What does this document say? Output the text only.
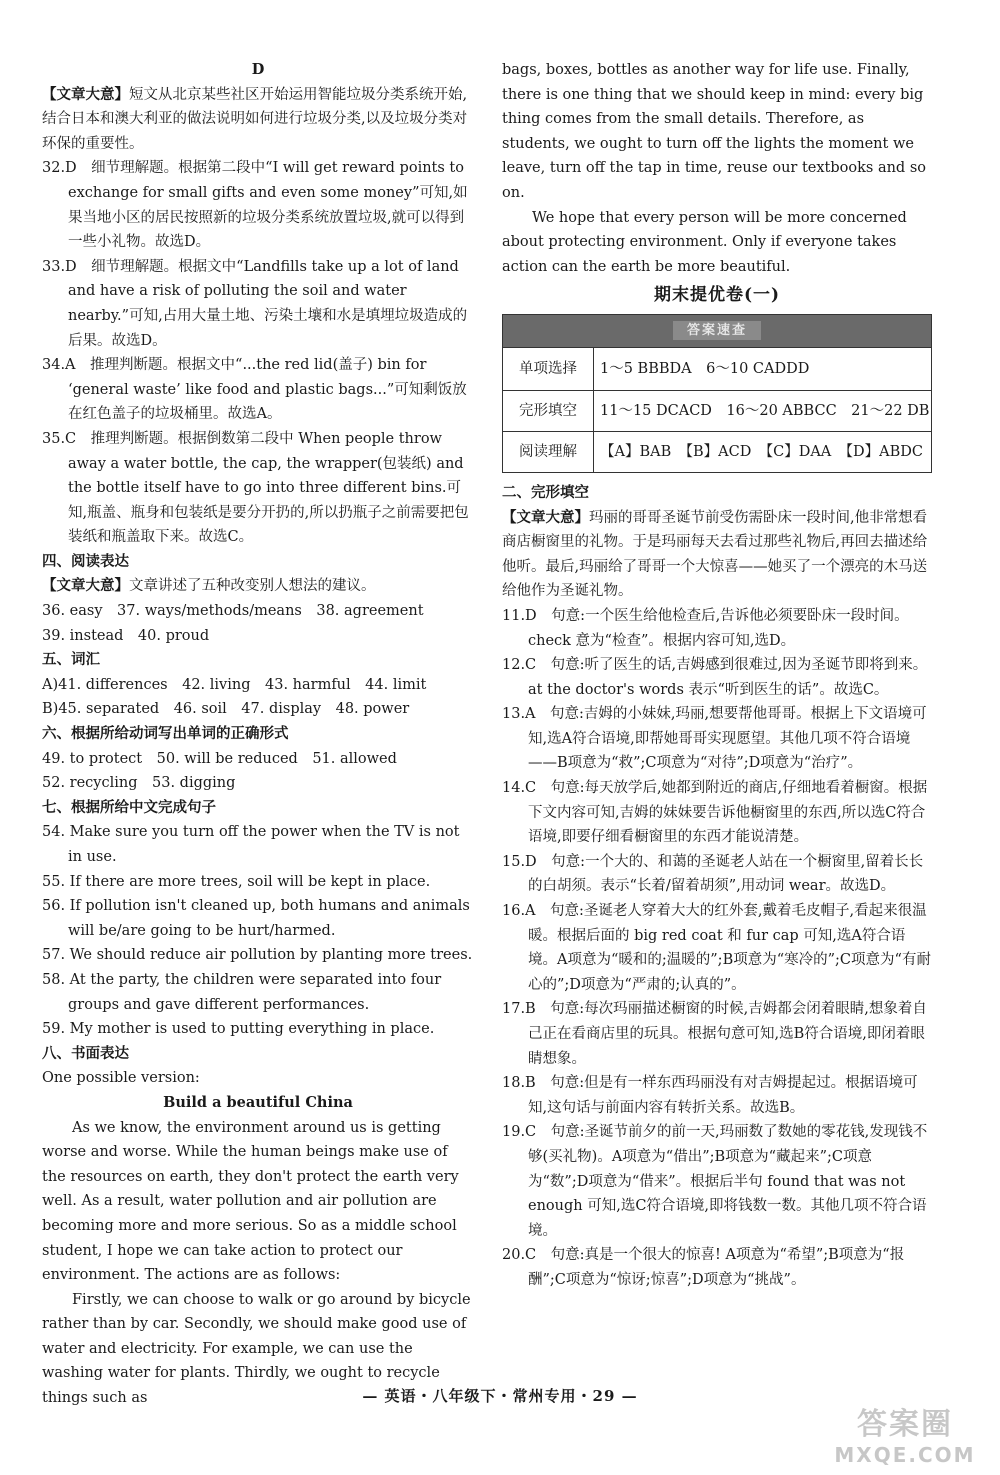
D

【文章大意】短文从北京某些社区开始运用智能垃圾分类系统开始,结合日本和澳大利亚的做法说明如何进行垃圾分类,以及垃圾分类对环保的重要性。

32.D　细节理解题。根据第二段中“I will get reward points to exchange for small gifts and even some money”可知,如果当地小区的居民按照新的垃圾分类系统放置垃圾,就可以得到一些小礼物。故选D。

33.D　细节理解题。根据文中“Landfills take up a lot of land and have a risk of polluting the soil and water nearby.”可知,占用大量土地、污染土壤和水是填埋垃圾造成的后果。故选D。

34.A　推理判断题。根据文中“...the red lid(盖子) bin for ‘general waste’ like food and plastic bags...”可知剩饭放在红色盖子的垃圾桶里。故选A。

35.C　推理判断题。根据倒数第二段中 When people throw away a water bottle, the cap, the wrapper(包装纸) and the bottle itself have to go into three different bins.可知,瓶盖、瓶身和包装纸是要分开扔的,所以扔瓶子之前需要把包装纸和瓶盖取下来。故选C。

四、阅读表达

【文章大意】文章讲述了五种改变别人想法的建议。

36. easy　37. ways/methods/means　38. agreement

39. instead　40. proud

五、词汇

A)41. differences　42. living　43. harmful　44. limit

B)45. separated　46. soil　47. display　48. power

六、根据所给动词写出单词的正确形式

49. to protect　50. will be reduced　51. allowed

52. recycling　53. digging

七、根据所给中文完成句子

54. Make sure you turn off the power when the TV is not in use.

55. If there are more trees, soil will be kept in place.

56. If pollution isn't cleaned up, both humans and animals will be/are going to be hurt/harmed.

57. We should reduce air pollution by planting more trees.

58. At the party, the children were separated into four groups and gave different performances.

59. My mother is used to putting everything in place.

八、书面表达

One possible version:

Build a beautiful China

As we know, the environment around us is getting worse and worse. While the human beings make use of the resources on earth, they don't protect the earth very well. As a result, water pollution and air pollution are becoming more and more serious. So as a middle school student, I hope we can take action to protect our environment. The actions are as follows:

Firstly, we can choose to walk or go around by bicycle rather than by car. Secondly, we should make good use of water and electricity. For example, we can use the washing water for plants. Thirdly, we ought to recycle things such as

bags, boxes, bottles as another way for life use. Finally, there is one thing that we should keep in mind: every big thing comes from the small details. Therefore, as students, we ought to turn off the lights the moment we leave, turn off the tap in time, reuse our textbooks and so on.

We hope that every person will be more concerned about protecting environment. Only if everyone takes action can the earth be more beautiful.

期末提优卷(一)

答案速查
单项选择	1～5 BBBDA　6～10 CADDD
完形填空	11～15 DCACD　16～20 ABBCC　21～22 DB
阅读理解	【A】BAB　【B】ACD　【C】DAA　【D】ABDC

二、完形填空

【文章大意】玛丽的哥哥圣诞节前受伤需卧床一段时间,他非常想看商店橱窗里的礼物。于是玛丽每天去看过那些礼物后,再回去描述给他听。最后,玛丽给了哥哥一个大惊喜——她买了一个漂亮的木马送给他作为圣诞礼物。

11.D　句意:一个医生给他检查后,告诉他必须要卧床一段时间。check 意为“检查”。根据内容可知,选D。

12.C　句意:听了医生的话,吉姆感到很难过,因为圣诞节即将到来。at the doctor's words 表示“听到医生的话”。故选C。

13.A　句意:吉姆的小妹妹,玛丽,想要帮他哥哥。根据上下文语境可知,选A符合语境,即帮她哥哥实现愿望。其他几项不符合语境——B项意为“救”;C项意为“对待”;D项意为“治疗”。

14.C　句意:每天放学后,她都到附近的商店,仔细地看着橱窗。根据下文内容可知,吉姆的妹妹要告诉他橱窗里的东西,所以选C符合语境,即要仔细看橱窗里的东西才能说清楚。

15.D　句意:一个大的、和蔼的圣诞老人站在一个橱窗里,留着长长的白胡须。表示“长着/留着胡须”,用动词 wear。故选D。

16.A　句意:圣诞老人穿着大大的红外套,戴着毛皮帽子,看起来很温暖。根据后面的 big red coat 和 fur cap 可知,选A符合语境。A项意为“暖和的;温暖的”;B项意为“寒冷的”;C项意为“有耐心的”;D项意为“严肃的;认真的”。

17.B　句意:每次玛丽描述橱窗的时候,吉姆都会闭着眼睛,想象着自己正在看商店里的玩具。根据句意可知,选B符合语境,即闭着眼睛想象。

18.B　句意:但是有一样东西玛丽没有对吉姆提起过。根据语境可知,这句话与前面内容有转折关系。故选B。

19.C　句意:圣诞节前夕的前一天,玛丽数了数她的零花钱,发现钱不够(买礼物)。A项意为“借出”;B项意为“藏起来”;C项意为“数”;D项意为“借来”。根据后半句 found that was not enough 可知,选C符合语境,即将钱数一数。其他几项不符合语境。

20.C　句意:真是一个很大的惊喜! A项意为“希望”;B项意为“报酬”;C项意为“惊讶;惊喜”;D项意为“挑战”。

— 英语・八年级下・常州专用・29 —
答案圈
MXQE.COM
